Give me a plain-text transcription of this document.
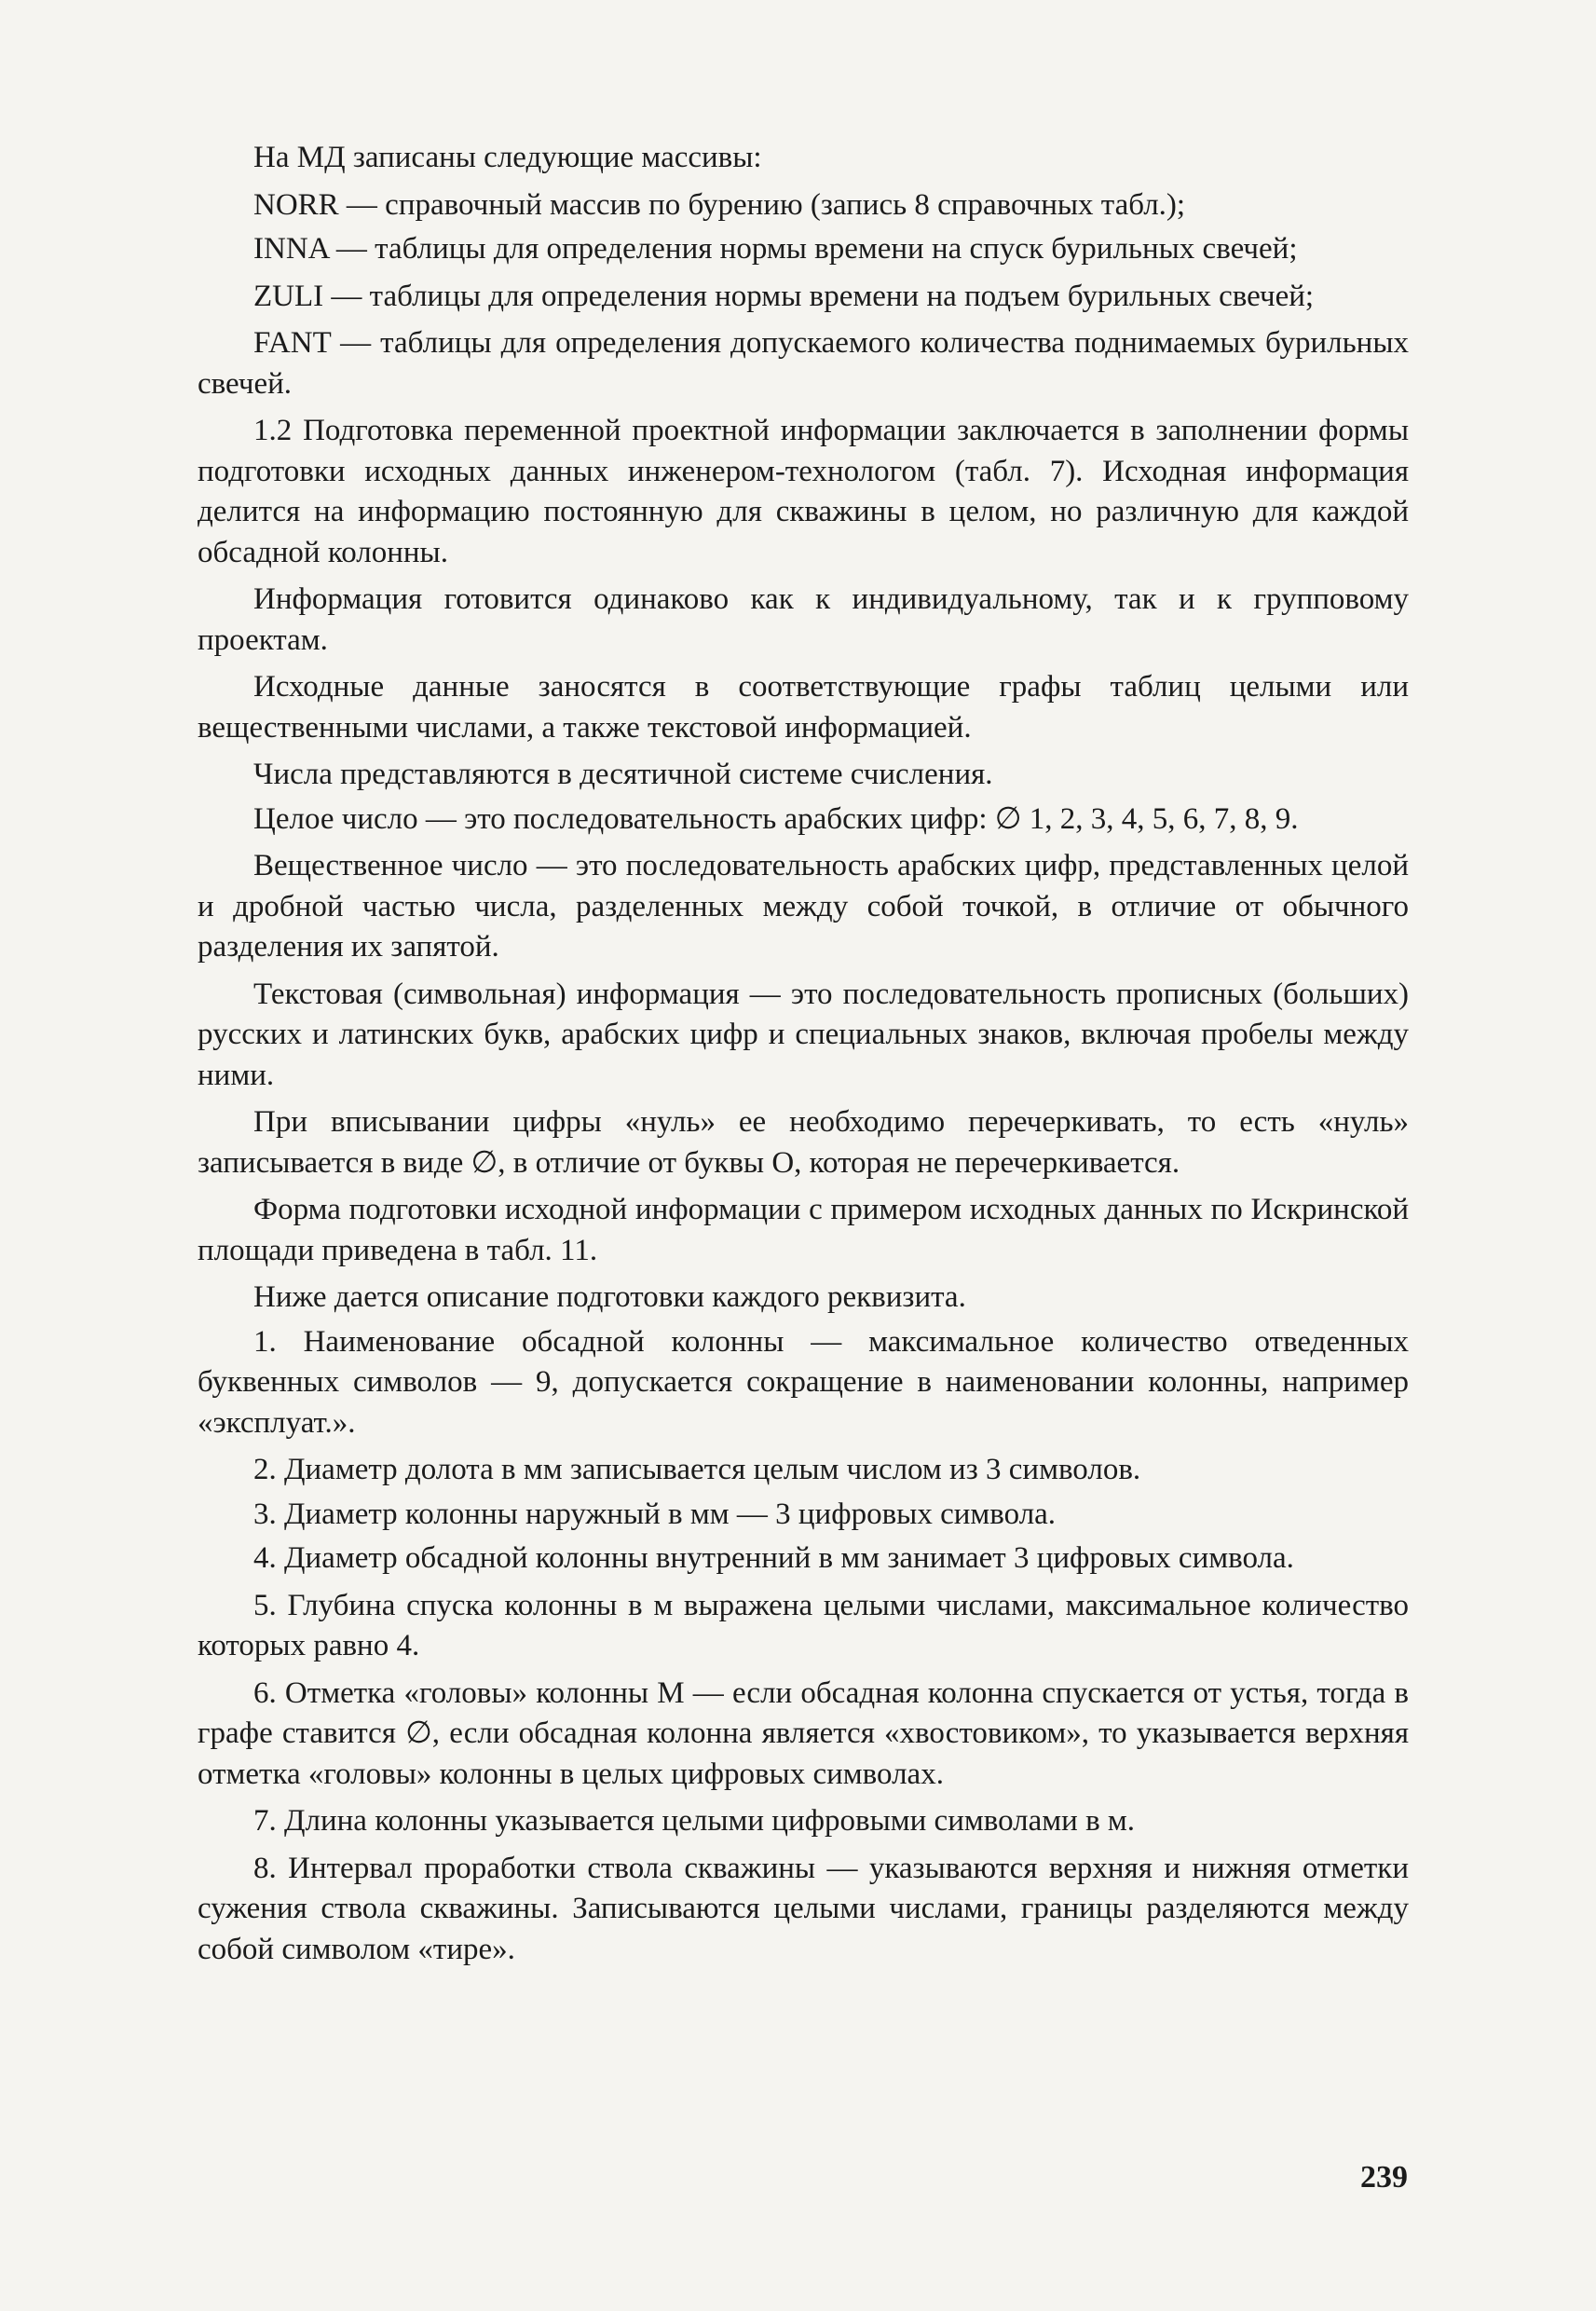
На МД записаны следующие массивы:

NORR — справочный массив по бурению (запись 8 справочных табл.);

INNA — таблицы для определения нормы времени на спуск бурильных свечей;

ZULI — таблицы для определения нормы времени на подъем бурильных свечей;

FANT — таблицы для определения допускаемого количества поднимаемых бурильных свечей.

1.2 Подготовка переменной проектной информации заключается в заполнении формы подготовки исходных данных инженером-технологом (табл. 7). Исходная информация делится на информацию постоянную для скважины в целом, но различную для каждой обсадной колонны.

Информация готовится одинаково как к индивидуальному, так и к групповому проектам.

Исходные данные заносятся в соответствующие графы таблиц целыми или вещественными числами, а также текстовой информацией.

Числа представляются в десятичной системе счисления.

Целое число — это последовательность арабских цифр: ∅ 1, 2, 3, 4, 5, 6, 7, 8, 9.

Вещественное число — это последовательность арабских цифр, представленных целой и дробной частью числа, разделенных между собой точкой, в отличие от обычного разделения их запятой.

Текстовая (символьная) информация — это последовательность прописных (больших) русских и латинских букв, арабских цифр и специальных знаков, включая пробелы между ними.

При вписывании цифры «нуль» ее необходимо перечеркивать, то есть «нуль» записывается в виде ∅, в отличие от буквы О, которая не перечеркивается.

Форма подготовки исходной информации с примером исходных данных по Искринской площади приведена в табл. 11.

Ниже дается описание подготовки каждого реквизита.

1. Наименование обсадной колонны — максимальное количество отведенных буквенных символов — 9, допускается сокращение в наименовании колонны, например «эксплуат.».

2. Диаметр долота в мм записывается целым числом из 3 символов.

3. Диаметр колонны наружный в мм — 3 цифровых символа.

4. Диаметр обсадной колонны внутренний в мм занимает 3 цифровых символа.

5. Глубина спуска колонны в м выражена целыми числами, максимальное количество которых равно 4.

6. Отметка «головы» колонны М — если обсадная колонна спускается от устья, тогда в графе ставится ∅, если обсадная колонна является «хвостовиком», то указывается верхняя отметка «головы» колонны в целых цифровых символах.

7. Длина колонны указывается целыми цифровыми символами в м.

8. Интервал проработки ствола скважины — указываются верхняя и нижняя отметки сужения ствола скважины. Записываются целыми числами, границы разделяются между собой символом «тире».

239
